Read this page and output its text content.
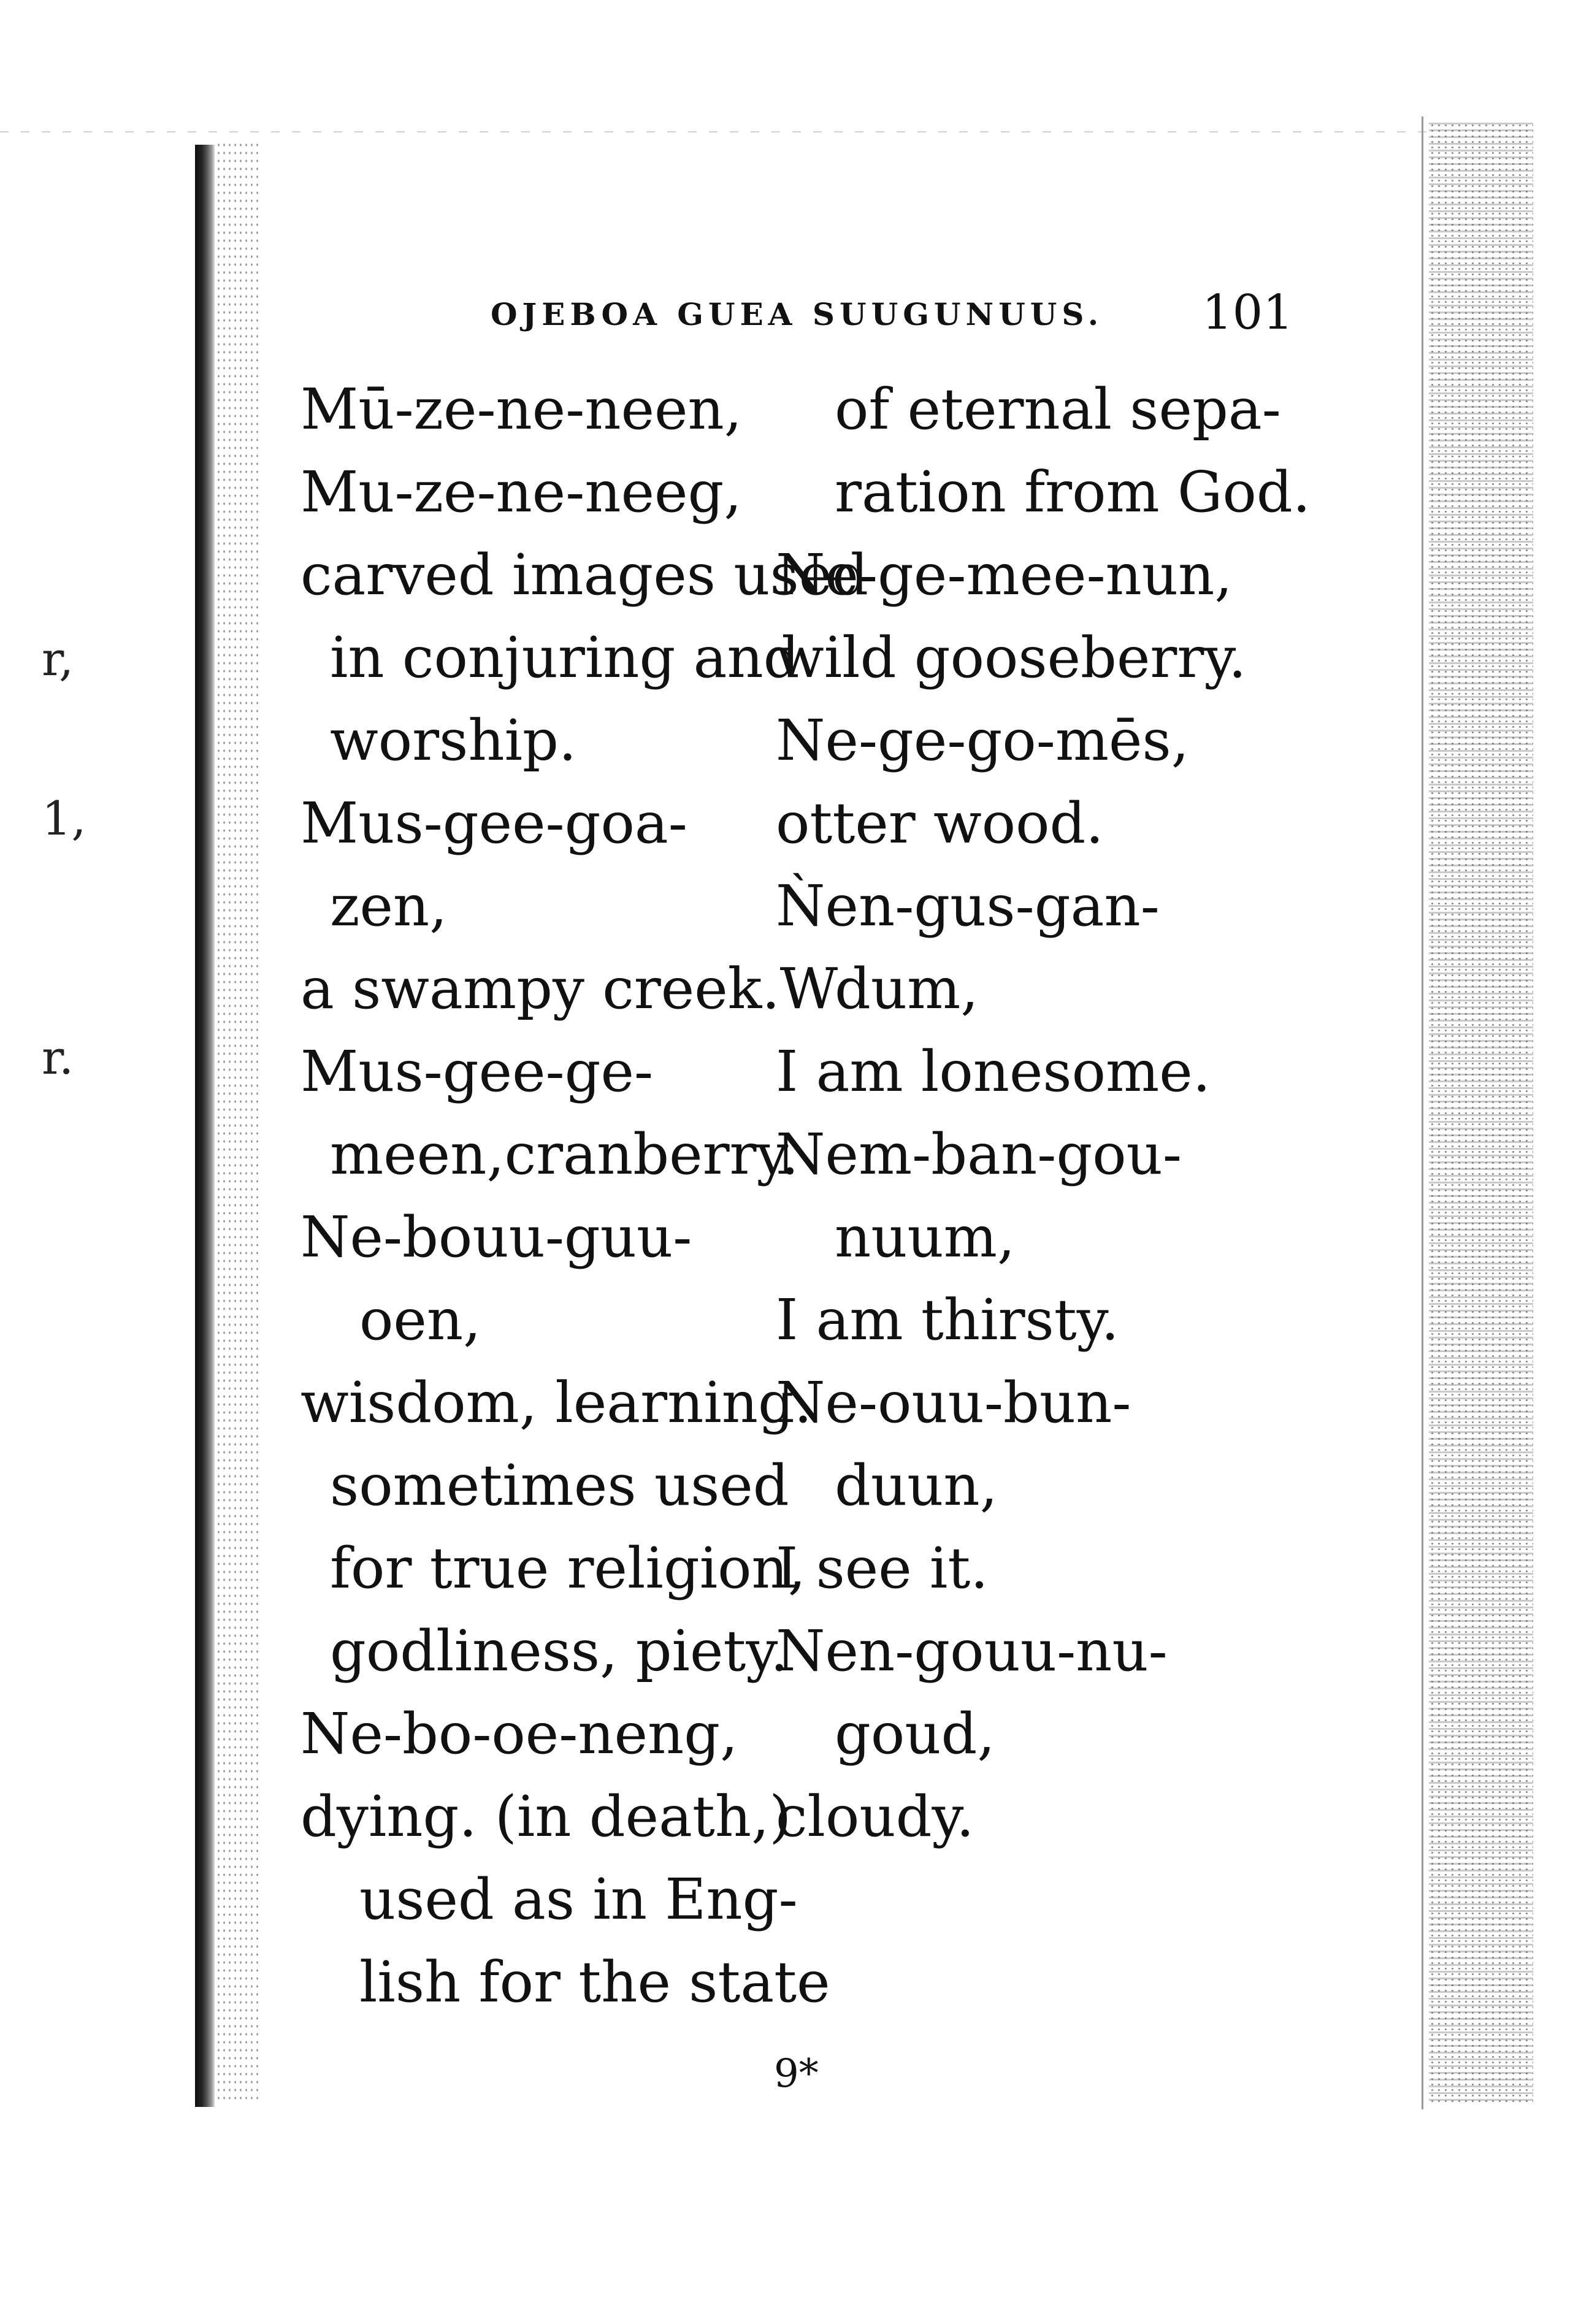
r,
1,
r.
OJEBOA GUEA SUUGUNUUS. 101
Mū-ze-ne-neen,
Mu-ze-ne-neeg,
carved images used
in conjuring and
worship.
Mus-gee-goa-
zen,
a swampy creek.W
Mus-gee-ge-
meen,cranberry.
Ne-bouu-guu-
oen,
wisdom, learning.
sometimes used
for true religion,
godliness, piety.
Ne-bo-oe-neng,
dying. (in death,)
used as in Eng-
lish for the state
of eternal sepa-
ration from God.
Ne-ge-mee-nun,
wild gooseberry.
Ne-ge-go-mēs,
otter wood.
Ǹen-gus-gan-
dum,
I am lonesome.
Nem-ban-gou-
nuum,
I am thirsty.
Ne-ouu-bun-
duun,
I see it.
Nen-gouu-nu-
goud,
cloudy.
9*
